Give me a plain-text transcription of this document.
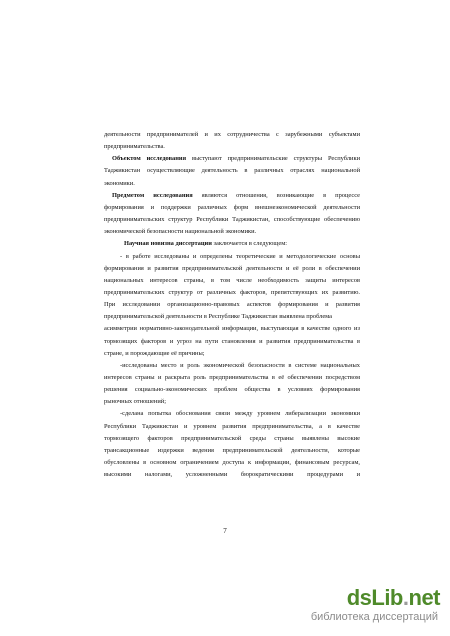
деятельности предпринимателей и их сотрудничества с зарубежными субъектами
предпринимательства.
Объектом исследования выступают предпринимательские структуры Республики
Таджикистан осуществляющие деятельность в различных отраслях национальной
экономики.
Предметом исследования являются отношения, возникающие в процессе
формирования и поддержки различных форм внешнеэкономической деятельности
предпринимательских структур Республики Таджикистан, способствующие обеспечению
экономической безопасности национальной экономики.
Научная новизна диссертации заключается в следующем:
- в работе исследованы и определены теоретические и методологические основы
формирования и развития предпринимательской деятельности и её роли в обеспечении
национальных интересов страны, в том числе необходимость защиты интересов
предпринимательских структур от различных факторов, препятствующих их развитию.
При исследовании организационно-правовых аспектов формирования и развития
предпринимательской деятельности в Республике Таджикистан выявлена проблема
асимметрии нормативно-законодательной информации, выступающая в качестве одного из
тормозящих факторов и угроз на пути становления и развития предпринимательства в
стране, и порождающие её причины;
-исследованы место и роль экономической безопасности в системе национальных
интересов страны и раскрыта роль предпринимательства в её обеспечении посредством
решения социально-экономических проблем общества в условиях формирования
рыночных отношений;
-сделана попытка обоснования связи между уровнем либерализации экономики
Республики Таджикистан и уровнем развития предпринимательства, а в качестве
тормозящего факторов предпринимательской среды страны выявлены высокие
трансакционные издержки ведения предпринимательской деятельности, которые
обусловлены в основном ограничением доступа к информации, финансовым ресурсам,
высокими налогами, усложненными бюрократическими процедурами и
7
dsLib.net
библиотека диссертаций
